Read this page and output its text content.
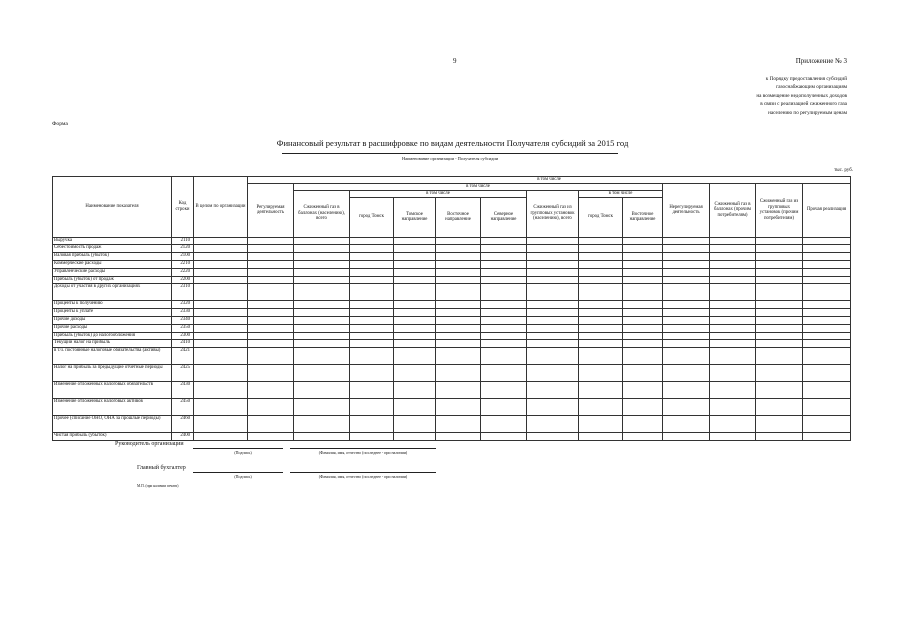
9	Приложение № 3
к Порядку предоставления субсидий
газоснабжающим организациям
на возмещение недополученных доходов
в связи с реализацией сжиженного газа
населению по регулируемым ценам
Форма
Финансовый результат в расшифровке по видам деятельности Получателя субсидий за 2015 год
Наименование организации - Получателя субсидии
тыс. руб.
Наименование показателя	Код строки	В целом по организации	в том числе												
			Регулируемая деятельность	в том числе								Нерегулируемая деятельность	Сжиженный газ в баллонах (прочим потребителям)	Сжиженный газ из групповых установок (прочим потребителям)	Прочая реализация
				Сжиженный газ в баллонах (населению), всего	в том числе				Сжиженный газ из групповых установок (населению), всего	в том числе					
					город Томск	Томское направление	Восточное направление	Северное направление		город Томск	Восточное направление				

Выручка	2110														
Себестоимость продаж	2120														
Валовая прибыль (убыток)	2100														
Коммерческие расходы	2210														
Управленческие расходы	2220														
Прибыль (убыток) от продаж	2200														
Доходы от участия в других организациях	2310														
Проценты к получению	2320														
Проценты к уплате	2330														
Прочие доходы	2340														
Прочие расходы	2350														
Прибыль (убыток) до налогообложения	2300														
Текущий налог на прибыль	2410														
в т.ч. постоянные налоговые обязательства (активы)	2421														
Налог на прибыль за предыдущие отчетные периоды	2425														
Изменение отложенных налоговых обязательств	2430														
Изменение отложенных налоговых активов	2450														
Прочее (списание ОНО, ОНА за прошлые периоды)	2460														
Чистая прибыль (убыток)	2400														
Руководитель организации
(Подпись)	(Фамилия, имя, отчество (последнее - при наличии)
Главный бухгалтер
(Подпись)	(Фамилия, имя, отчество (последнее - при наличии)
М.П. (при наличии печати)
